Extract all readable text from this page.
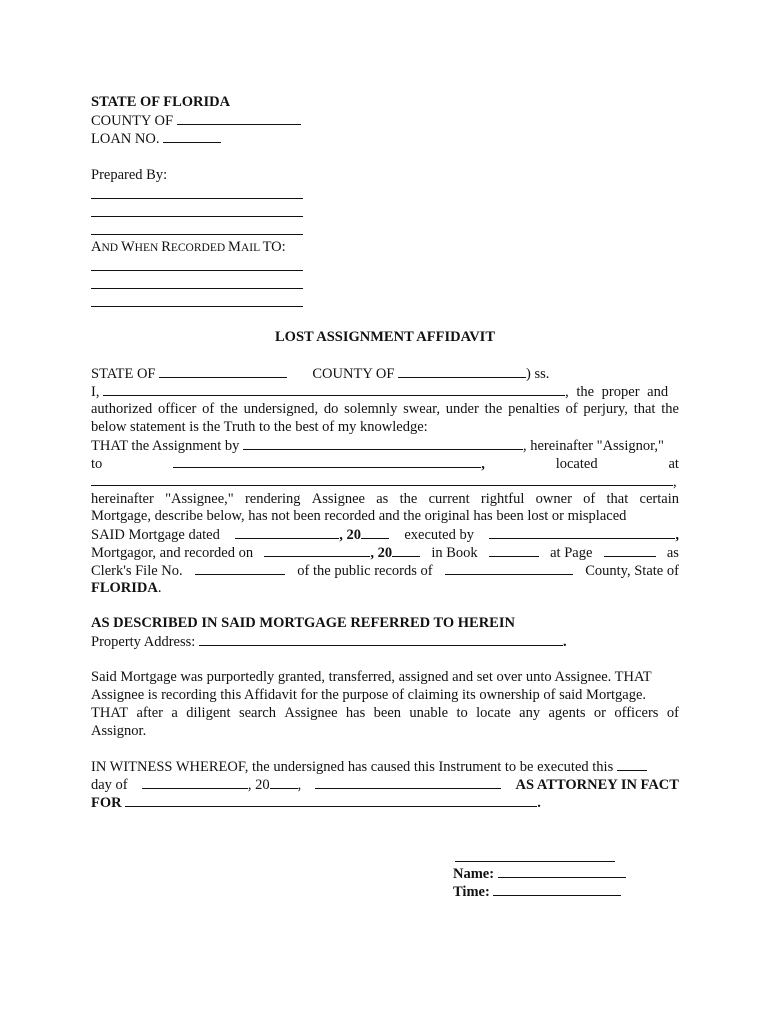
STATE OF FLORIDA
COUNTY OF
LOAN NO.
Prepared By:
AND WHEN RECORDED MAIL TO:
LOST ASSIGNMENT AFFIDAVIT
STATE OF	COUNTY OF	) ss.
I,	, the proper and
authorized officer of the undersigned, do solemnly swear, under the penalties of perjury, that the
below statement is the Truth to the best of my knowledge:
THAT the Assignment by	, hereinafter "Assignor,"
to	,	located	at
,
hereinafter "Assignee," rendering Assignee as the current rightful owner of that certain
Mortgage, describe below, has not been recorded and the original has been lost or misplaced
SAID Mortgage dated	, 20	executed by	,
Mortgagor, and recorded on	, 20	in Book	at Page	as
Clerk's File No.	of the public records of	County, State of
FLORIDA.
AS DESCRIBED IN SAID MORTGAGE REFERRED TO HEREIN
Property Address:	.
Said Mortgage was purportedly granted, transferred, assigned and set over unto Assignee. THAT
Assignee is recording this Affidavit for the purpose of claiming its ownership of said Mortgage.
THAT after a diligent search Assignee has been unable to locate any agents or officers of
Assignor.
IN WITNESS WHEREOF, the undersigned has caused this Instrument to be executed this
day of	, 20 ,	AS ATTORNEY IN FACT
FOR	.
Name:
Time:
